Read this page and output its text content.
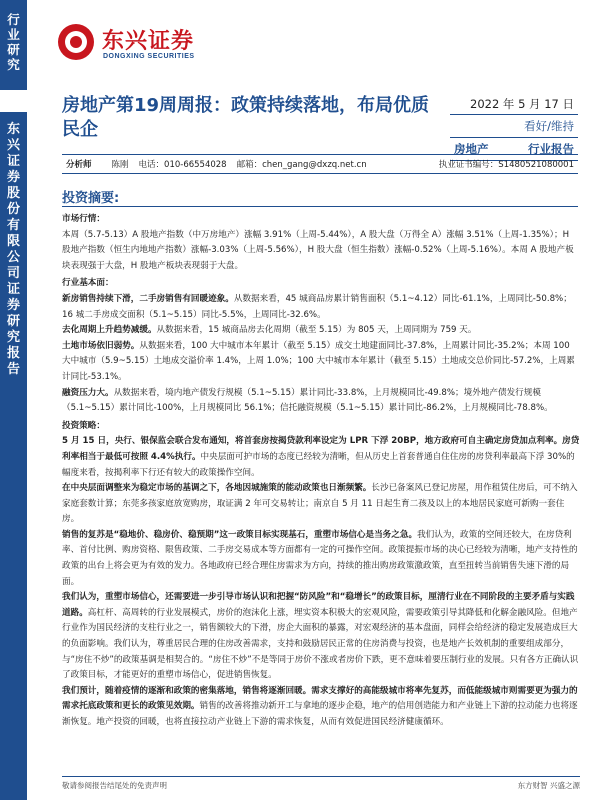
行
业
研
究
东
兴
证
券
股
份
有
限
公
司
证
券
研
究
报
告
东兴证券
DONGXING SECURITIES
房地产第19周周报：政策持续落地，布局优质民企
2022 年 5 月 17 日
看好/维持
房地产	行业报告
分析师 陈刚 电话：010-66554028 邮箱：chen_gang@dxzq.net.cn	执业证书编号：S1480521080001
投资摘要:

市场行情：

本周（5.7-5.13）A 股地产指数（中万房地产）涨幅 3.91%（上周-5.44%），A 股大盘（万得全 A）涨幅 3.51%（上周-1.35%）；H 股地产指数（恒生内地地产指数）涨幅-3.03%（上周-5.56%），H 股大盘（恒生指数）涨幅-0.52%（上周-5.16%）。本周 A 股地产板块表现强于大盘，H 股地产板块表现弱于大盘。

行业基本面：

新房销售持续下滑，二手房销售有回暖迹象。从数据来看，45 城商品房累计销售面积（5.1~4.12）同比-61.1%，上周同比-50.8%；16 城二手房成交面积（5.1~5.15）同比-5.5%，上周同比-32.6%。

去化周期上升趋势减缓。从数据来看，15 城商品房去化周期（截至 5.15）为 805 天，上周同期为 759 天。

土地市场依旧弱势。从数据来看，100 大中城市本年累计（截至 5.15）成交土地建面同比-37.8%，上周累计同比-35.2%；本周 100 大中城市（5.9~5.15）土地成交溢价率 1.4%，上周 1.0%；100 大中城市本年累计（截至 5.15）土地成交总价同比-57.2%，上周累计同比-53.1%。

融资压力大。从数据来看，境内地产债发行规模（5.1~5.15）累计同比-33.8%，上月规模同比-49.8%；境外地产债发行规模（5.1~5.15）累计同比-100%，上月规模同比 56.1%；信托融资规模（5.1~5.15）累计同比-86.2%，上月规模同比-78.8%。

投资策略：

5 月 15 日，央行、银保监会联合发布通知，将首套房按揭贷款利率设定为 LPR 下浮 20BP，地方政府可自主确定房贷加点利率。房贷利率相当于最低可按照 4.4%执行。中央层面可护市场的态度已经较为清晰，但从历史上首套普通自住住房的房贷利率最高下浮 30%的幅度来看，按揭利率下行还有较大的政策操作空间。

在中央层面调整来为稳定市场的基调之下，各地因城施策的能动政策也日渐频繁。长沙已备案风已登记房屋，用作租赁住房后，可不纳入家庭套数计算；东莞多孩家庭放宽购房，取证满 2 年可交易转让；南京自 5 月 11 日起生育二孩及以上的本地居民家庭可新购一套住房。

销售的复苏是“稳地价、稳房价、稳预期”这一政策目标实现基石，重塑市场信心是当务之急。我们认为，政策的空间还较大，在房贷利率、首付比例、购房资格、限售政策、二手房交易成本等方面都有一定的可操作空间。政策提振市场的决心已经较为清晰，地产支持性的政策的出台上将会更为有效的发力。各地政府已经合理住房需求为方向，持续的推出购房政策激政策，直至扭转当前销售失速下滑的局面。

我们认为，重塑市场信心，还需要进一步引导市场认识和把握“防风险”和“稳增长”的政策目标，厘清行业在不同阶段的主要矛盾与实践道路。高杠杆、高周转的行业发展模式，房价的泡沫化上涨，埋实资本积极大的宏观风险，需要政策引导其降低和化解金融风险。但地产行业作为国民经济的支柱行业之一，销售额较大的下滑，房企大面积的暴露，对宏观经济的基本盘面，同样会给经济的稳定发展造成巨大的负面影响。我们认为，尊重居民合理的住房改善需求，支持和鼓励居民正常的住房消费与投资，也是地产长效机制的重要组成部分，与“房住不炒”的政策基调是相契合的。“房住不炒”不是等同于房价不涨或者房价下跌，更不意味着要压制行业的发展。只有各方正确认识了政策目标，才能更好的重塑市场信心，促进销售恢复。

我们预计，随着疫情的逐渐和政策的密集落地，销售将逐渐回暖。需求支撑好的高能级城市将率先复苏，而低能级城市则需要更为强力的需求托底政策和更长的政策见效期。销售的改善将推动新开工与拿地的逐步企稳，地产的信用创造能力和产业链上下游的拉动能力也将逐渐恢复。地产投资的回暖，也将直接拉动产业链上下游的需求恢复，从而有效促进国民经济健康循环。

敬请参阅报告结尾处的免责声明	东方财智 兴盛之源
